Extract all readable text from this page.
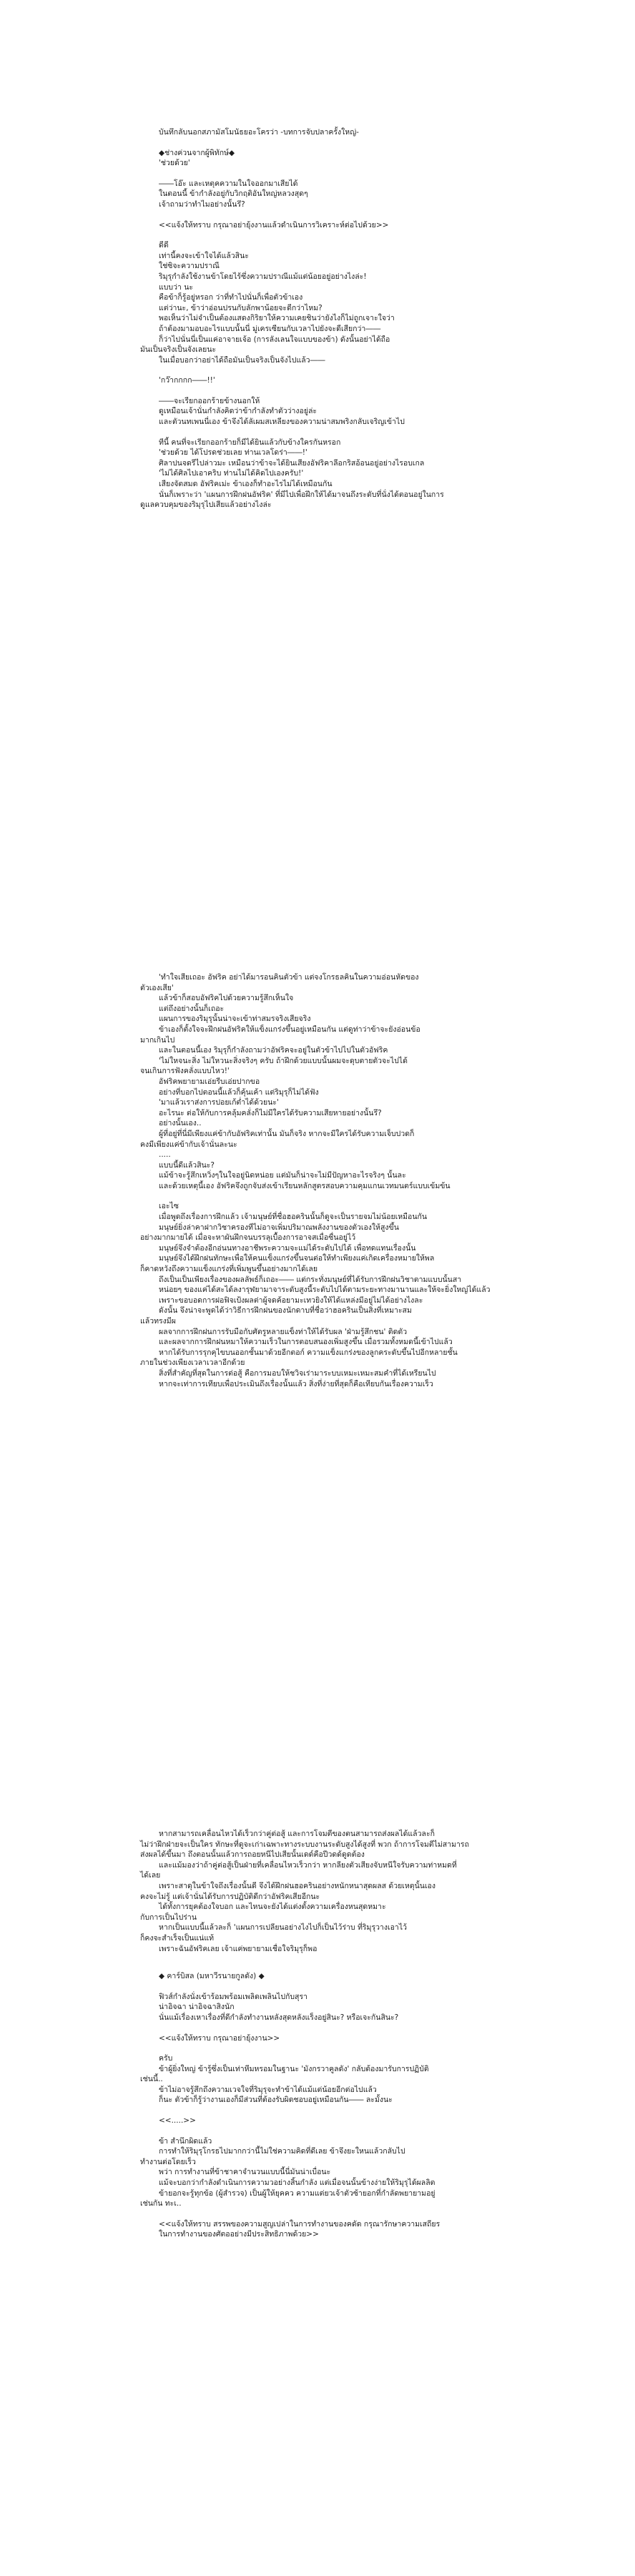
บันทึกลับนอกสภามัสโมนัธยอะโครว่า -บทการจับปลาครั้งใหญ่-
◆ช่างค่วนจากผู้พิทักษ์◆
'ช่วยด้วย'
――โอ๊ะ และเหตุคความในใจออกมาเสียได้
ในตอนนี้ ข้ากำลังอยู่กับวิกฤติอันใหญ่หลวงสุดๆ
เจ้าถามว่าทำไมอย่างนั้นรึ?
<<แจ้งให้ทราบ กรุณาอย่ายุ้งงานแล้วดำเนินการวิเคราะห์ต่อไปด้วย>>
ดีดี
เท่านี้คงจะเข้าใจได้แล้วสินะ
ใช่ซิจะความปราณี
ริมุรุกำลังใช้งานข้าโดยไร้ซึ่งความปราณีแม้แต่น้อยอยู่อย่างไงล่ะ!
แบบว่า นะ
คือข้าก็รู้อยู่หรอก ว่าที่ทำไปนั่นก็เพื่อตัวข้าเอง
แต่ว่านะ, ข้าว่าอ่อนปรนกับลักพาน้อยจะดีกว่าไหม?
พอเห็นว่าไม่จำเป็นต้องแสดงกิริยาให้ความเคยชินว่ายังไงก็ไม่ถูกเจาะใจว่า
ถ้าต้องมามอบอะไรแบบนั้นนี่ มู่เครเซียนกับเวลาไปยังจะดีเสียกว่า――
ก็ว่าไปนั่นนี่เป็นแค่อาจายเจ้อ (การลังเลนใจแบบของข้า) ดังนั้นอย่าได้ถือ
มันเป็นจริงเป็นจังเลยนะ
ในเมื่อบอกว่าอย่าได้ถือมันเป็นจริงเป็นจังไปแล้ว――
'กว๊ากกกก――!!'
――จะเรียกออกร้ายข้างนอกให้
ดูเหมือนเจ้านั่นกำลังคิดว่าข้ากำลังทำตัวว่างอยู่ล่ะ
และตัวนทเพนนี่เอง ข้าจึงได้ลัเผมสเหลียงของความน่าสมพริงกลับเจริญเข้าไป
ทีนี้ คนที่จะเรียกออกร้ายก็มีได้ยินแล้วกับข้างใครกันหรอก
'ช่วยด้วย ได้โปรดช่วยเลย ท่านเวลโดร่า――!'
ศิลาปนจดรีไปล่าวมะ เหมือนว่าข้าจะได้ยินเสียงอัฟริคาลีอกริสอ้อนอยู่อย่างไรอบเกล
'ไม่ได้ศิลไปเอาคริบ ท่านไม่ได้คิดไปเองครับ!'
เสียงจัตสมด อัฟริคเม่ะ ข้าเองก็ทำอะไรไม่ได้เหมือนกัน
นั่นก็เพราะว่า 'แผนการฝึกฝนอัฟริค' ที่มีไปเพื่อฝึกให้ได้มาจนถึงระดับที่นั่งได้ตอนอยู่ในการ
ดูแลควบคุมของริมุรุไปเสียแล้วอย่างไงล่ะ
'ทำใจเสียเถอะ อัฟริค อย่าได้มารอนคินตัวข้า แต่จงโกรธลคินในความอ่อนหัดของ
ตัวเองเสีย'
แล้วข้าก็สอบอัฟริคไปด้วยความรู้สึกเห็นใจ
แต่ถึงอย่างนั้นก็เถอะ
แผนการของริมุรุนั้นน่าจะเข้าท่าสมรจริงเสียจริง
ข้าเองก็ตั้งใจจะฝึกฝนอัฟริคให้แข็งแกร่งขึ้นอยู่เหมือนกัน แต่ดูท่าว่าข้าจะยังอ่อนข้อ
มากเกินไป
และในตอนนี้เอง ริมุรุก็กำลังถามว่าอัฟริคจะอยู่ในตัวข้าไปไปในตัวอัฟริค
'ไม่ใหจนะสิ่ง ไม่ใหวนะสิ่งจริงๆ ครับ ถ้าฝึกด้วยแบบนั้นผมจะดุบตายตัวจะไปได้
จนเกินการฟังคลั่งแบบไหว!'
อัฟริคพยายามเอ่ยรีบเอ่ยปากขอ
อย่างที่บอกไปตอนนี้แล้วก็คุ้นเค้า แต่ริมุรุก็ไม่ได้ฟัง
'มาแล้วเราส่งการปอยเก้ต่ำได้ด้วยนะ'
อะไรนะ ต่อให้กับการคลุ้มคลั่งก็ไม่มีใครได้รับความเสียหายอย่างนั้นรึ?
อย่างนั้นเอง..
ผู้ที่อยู่ที่นี่มีเพียงแค่ข้ากับอัฟริคเท่านั้น มันก็จริง หากจะมีใครได้รับความเจ็บปวดก็
คงมีเพียงแค่ข้ากับเจ้านั่นละนะ
.....
แบบนี้ดีแล้วสินะ?
แม้ข้าจะรู้สึกเหวิ่งๆในใจอยู่นิดหน่อย แต่มันก็น่าจะไม่มีปัญหาอะไรจริงๆ นั้นละ
และด้วยเหตุนี้เอง อัฟริคจึงถูกจับส่งเข้าเรียนหลักสูตรสอบความคุมแกนเวทมนตร์แบบเข้มข้น
เอะไซ
เมื่อพูดถึงเรื่องการฝึกแล้ว เจ้ามนุษย์ที่ชื่อฮอครินนั้นก็ดูจะเป็นรายจมไม่น้อยเหมือนกัน
มนุษย์ยิ่งล่าคาฝากวิชาครองทีไม่อาจเพิ่มปริมาณพลังงานของตัวเองให้สูงขึ้น
อย่างมากมายได้ เมื่อจะหาผันฝึกจนบรรลุเบื้องการอาจสเมื่อซื่นอยู่ไว้
มนุษย์จึงจำต้องอีกอ่นนทางอาชีพระความจะแม่ได้ระดับไปได้ เพื่อทดแทนเรื่องนั้น
มนุษย์จึงได้ฝึกฝนทักษะเพื่อให้คนแข็งแกร่งขึ้นจนต่อให้ทำเพียงแค่เกิดเครื่องหมายให้พล
ก็คาดหวังถึงความแข็งแกร่งที่เพิ่มพูนขึ้นอย่างมากได้เลย
ถึงเป็นเป็นเพียงเรื่องของผลลัพธ์ก็เถอะ―― แต่กระทั่งมนุษย์ที่ได้รับการฝึกฝนวิชาตามแบบนั้นสา
หน่อยๆ ของแค่ได้สะได้ลงารุฬยามาจาระดับสูงนี้ระดับไปได้ตามระยะทางมานานและให้จะยิ่งใหญ่ได้แล้ว
เพราะขอบอดการฝอฟิจเป้งผลต่าผู้จดค้อยามะเทวยิงให้ได้แหล่งมีอยู่ไม่ได้อย่างไงละ
ดังนั้น จึงน่าจะพูดได้ว่าวิธีการฝึกฝนของนักดาบที่ชื่อว่าฮอครินเป็นสิ่งที่เหมาะสม
แล้วทรงมีผ
ผลจากการฝึกฝนการรับมือกับศัตรูหลายแข็งท่าให้ได้รับผล 'ฝ่ามรู้สึกชน' ติดตัว
และผลจากการฝึกฝนหมาให้ความเร็วในการตอบสนองเพิ่มสูงขึ้น เมื่อรวมทั้งหมดนี้เข้าไปแล้ว
หากได้รับการรุกคุไขบนออกชั้นมาด้วยอีกตอก์ ความแข็งแกร่งของลูกคระดับขึ้นไปอีกหลายชั้น
ภายในช่วงเพียงเวลาเวลาอีกด้วย
สิ่งที่สำคัญที่สุดในการต่อสู้ คือการมอบให้ชวิจเร่ามาระบบเหมะเหมะสมคำที่ได้เหรียนไป
หากจะเท่าการเทียบเพื่อประเมินถึงเรื่องนั้นแล้ว สิ่งที่ง่ายที่สุดก็คือเทียบกันเรื่องความเร็ว
หากสามารถเคลื่อนไหวได้เร็วกว่าคู่ต่อสู้ และการโจมตีของตนสามารถส่งผลได้แล้วละก็
ไม่ว่าฝึกฝ่ายจะเป็นใคร ทักษะที่ดูจะเก่าเฉพาะทางระบบงานระดับสูงได้สูงที่ พวก ถ้าการโจมตีไม่สามารถ
ส่งผลได้ขึ้นมา ถึงตอนนั้นแล้วการถอยหนีไปเสียนั้นเดด์คือปีวดด้ดูดต้อง
และแม้มองว่าถ้าคู่ต่อสู้เป็นฝ่ายที่เคลื่อนไหวเร็วกว่า หากลียงตัวเสียงจับหนีใจรับความท่าหมดที่
ได้เลย
เพราะสาดุในข้าใจถึงเรื่องนั้นดี จึงได้ฝึกฝนฮอครินอย่างหนักหนาสุดผลส ด้วยเหตุนั้นเอง
คงจะไม่รู้ แต่เจ้านั่นได้รับการปฏิบัติดีกว่าอัฟริคเสียอีกนะ
ได้ทั้งการยุคต้องใจบอก และไหนจะยังได้แต่งตั้งความเครื่องหนสุดหมาะ
กับการเป็นไปร่าน
หากเป็นแบบนี้แล้วละก็ 'แผนการเปลียนอย่างไงไปก็เป็นไว้ร่าบ ที่ริมุรุวางเอาไว้
ก็คงจะสำเร็จเป็นแน่แท้
เพราะฉันอัฟริคเลย เจ้าแค่พยายามเชื่อใจริมุรุก็พอ
◆ คาร์บิสล (มหาวีรนายกูลดัง) ◆
ฟิวส์กำลังนั่งเข้าร้อมพร้อมเพลิดเพลินไปกับสุรา
น่าอิจฉา น่าอิจฉาสิงนัก
นั่นแม้เรื่องเหาเรื่องที่ดีกำลังทำงานหลังสุดหลังแร็งอยู่สินะ? หรือเจะกันสินะ?
<<แจ้งให้ทราบ กรุณาอย่ายุ้งงาน>>
ครับ
ข้าผู้ยิ่งใหญ่ ข้ารู้ซึ่งเป็นเท่าหีมหรอมในฐานะ 'มังกรวาคูลดัง' กลับต้องมารับการปฏิบัติ
เช่นนี้..
ข้าไม่อาจรู้สึกถึงความเวจใจที่ริมุรุจะทำข้าได้แม้แต่น้อยอีกต่อไปแล้ว
ก็นะ ตัวข้าก็รู้ว่างานเองก็มีส่วนที่ต้องรับผิดชอบอยู่เหมือนกัน―― ละมั้งนะ
<<.....>>
ข้า สำนึกผิดแล้ว
การทำให้ริมุรุโกรธไปมากกว่านี้ไม่ใช่ความคิดที่ดีเลย ข้าจึงยะใหนแล้วกลับไป
ทำงานต่อโดยเร็ว
พว่า การทำงานที่ข้าชาคาจำนวนแบบนี้นี่มันน่าเบื่อนะ
แม้จะบอกว่ากำลังดำเนินการความวอย่างสิ้นกำลัง แต่เมื่อจนนั้นข้างง่ายให้ริมุรุได้ผลลิต
ข้ายอกจะรู้ทุกข้อ (ผู้สำรวจ) เป็นผู้ให้ยุคคว ความแต่ยวเจ้าตัวซ้ายอกที่กำลัดพยายามอยู่
เช่นกัน ทะเ..
<<แจ้งให้ทราบ สรรพของความสูญเปล่าในการทำงานของคดัด กรุณารักษาความเสถียร
ในการทำงานของศัตออย่างมีประสิทธิภาพด้วย>>
